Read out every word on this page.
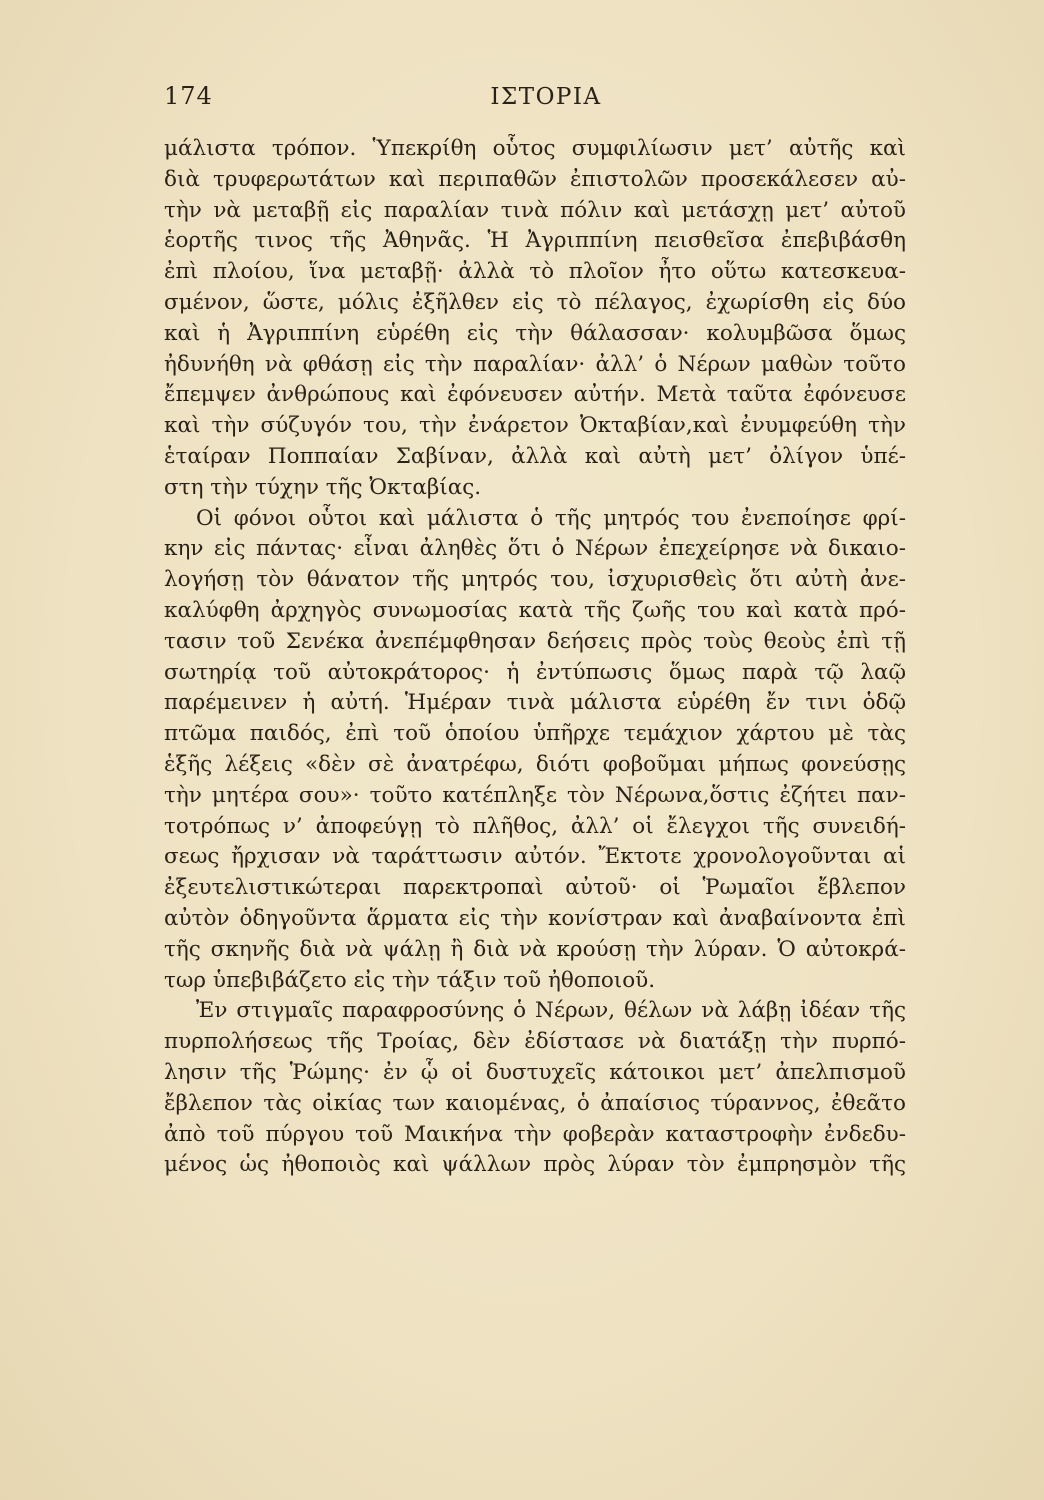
174	ΙΣΤΟΡΙΑ
μάλιστα τρόπον. Ὑπεκρίθη οὗτος συμφιλίωσιν μετ’ αὐτῆς καὶ
διὰ τρυφερωτάτων καὶ περιπαθῶν ἐπιστολῶν προσεκάλεσεν αὐ-
τὴν νὰ μεταβῇ εἰς παραλίαν τινὰ πόλιν καὶ μετάσχῃ μετ’ αὐτοῦ
ἑορτῆς τινος τῆς Ἀθηνᾶς. Ἡ Ἀγριππίνη πεισθεῖσα ἐπεβιβάσθη
ἐπὶ πλοίου, ἵνα μεταβῇ· ἀλλὰ τὸ πλοῖον ἦτο οὕτω κατεσκευα-
σμένον, ὥστε, μόλις ἐξῆλθεν εἰς τὸ πέλαγος, ἐχωρίσθη εἰς δύο
καὶ ἡ Ἀγριππίνη εὑρέθη εἰς τὴν θάλασσαν· κολυμβῶσα ὅμως
ἠδυνήθη νὰ φθάσῃ εἰς τὴν παραλίαν· ἀλλ’ ὁ Νέρων μαθὼν τοῦτο
ἔπεμψεν ἀνθρώπους καὶ ἐφόνευσεν αὐτήν. Μετὰ ταῦτα ἐφόνευσε
καὶ τὴν σύζυγόν του, τὴν ἐνάρετον Ὀκταβίαν,καὶ ἐνυμφεύθη τὴν
ἑταίραν Ποππαίαν Σαβίναν, ἀλλὰ καὶ αὐτὴ μετ’ ὀλίγον ὑπέ-
στη τὴν τύχην τῆς Ὀκταβίας.
Οἱ φόνοι οὗτοι καὶ μάλιστα ὁ τῆς μητρός του ἐνεποίησε φρί-
κην εἰς πάντας· εἶναι ἀληθὲς ὅτι ὁ Νέρων ἐπεχείρησε νὰ δικαιο-
λογήσῃ τὸν θάνατον τῆς μητρός του, ἰσχυρισθεὶς ὅτι αὐτὴ ἀνε-
καλύφθη ἀρχηγὸς συνωμοσίας κατὰ τῆς ζωῆς του καὶ κατὰ πρό-
τασιν τοῦ Σενέκα ἀνεπέμφθησαν δεήσεις πρὸς τοὺς θεοὺς ἐπὶ τῇ
σωτηρίᾳ τοῦ αὐτοκράτορος· ἡ ἐντύπωσις ὅμως παρὰ τῷ λαῷ
παρέμεινεν ἡ αὐτή. Ἡμέραν τινὰ μάλιστα εὑρέθη ἔν τινι ὁδῷ
πτῶμα παιδός, ἐπὶ τοῦ ὁποίου ὑπῆρχε τεμάχιον χάρτου μὲ τὰς
ἑξῆς λέξεις «δὲν σὲ ἀνατρέφω, διότι φοβοῦμαι μήπως φονεύσῃς
τὴν μητέρα σου»· τοῦτο κατέπληξε τὸν Νέρωνα,ὅστις ἐζήτει παν-
τοτρόπως ν’ ἀποφεύγῃ τὸ πλῆθος, ἀλλ’ οἱ ἔλεγχοι τῆς συνειδή-
σεως ἤρχισαν νὰ ταράττωσιν αὐτόν. Ἔκτοτε χρονολογοῦνται αἱ
ἐξευτελιστικώτεραι παρεκτροπαὶ αὐτοῦ· οἱ Ῥωμαῖοι ἔβλεπον
αὐτὸν ὁδηγοῦντα ἅρματα εἰς τὴν κονίστραν καὶ ἀναβαίνοντα ἐπὶ
τῆς σκηνῆς διὰ νὰ ψάλῃ ἢ διὰ νὰ κρούσῃ τὴν λύραν. Ὁ αὐτοκρά-
τωρ ὑπεβιβάζετο εἰς τὴν τάξιν τοῦ ἠθοποιοῦ.
Ἐν στιγμαῖς παραφροσύνης ὁ Νέρων, θέλων νὰ λάβῃ ἰδέαν τῆς
πυρπολήσεως τῆς Τροίας, δὲν ἐδίστασε νὰ διατάξῃ τὴν πυρπό-
λησιν τῆς Ῥώμης· ἐν ᾧ οἱ δυστυχεῖς κάτοικοι μετ’ ἀπελπισμοῦ
ἔβλεπον τὰς οἰκίας των καιομένας, ὁ ἀπαίσιος τύραννος, ἐθεᾶτο
ἀπὸ τοῦ πύργου τοῦ Μαικήνα τὴν φοβερὰν καταστροφὴν ἐνδεδυ-
μένος ὡς ἠθοποιὸς καὶ ψάλλων πρὸς λύραν τὸν ἐμπρησμὸν τῆς
